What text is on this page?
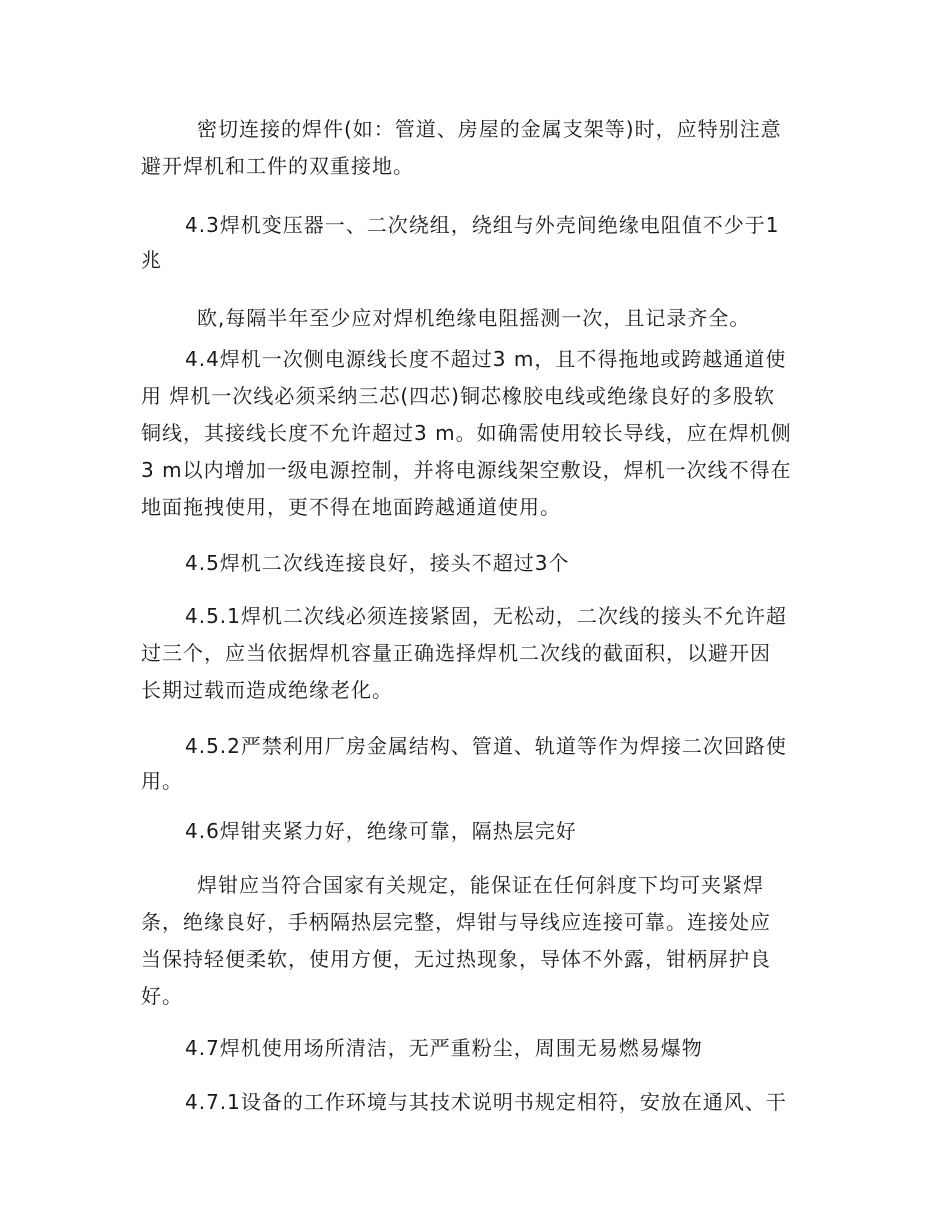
密切连接的焊件(如：管道、房屋的金属支架等)时，应特别注意

避开焊机和工件的双重接地。

4.3焊机变压器一、二次绕组，绕组与外壳间绝缘电阻值不少于1

兆

欧,每隔半年至少应对焊机绝缘电阻摇测一次，且记录齐全。

4.4焊机一次侧电源线长度不超过3 m，且不得拖地或跨越通道使

用 焊机一次线必须采纳三芯(四芯)铜芯橡胶电线或绝缘良好的多股软

铜线，其接线长度不允许超过3 m。如确需使用较长导线，应在焊机侧

3 m以内增加一级电源控制，并将电源线架空敷设，焊机一次线不得在

地面拖拽使用，更不得在地面跨越通道使用。

4.5焊机二次线连接良好，接头不超过3个

4.5.1焊机二次线必须连接紧固，无松动，二次线的接头不允许超

过三个，应当依据焊机容量正确选择焊机二次线的截面积，以避开因

长期过载而造成绝缘老化。

4.5.2严禁利用厂房金属结构、管道、轨道等作为焊接二次回路使

用。

4.6焊钳夹紧力好，绝缘可靠，隔热层完好

焊钳应当符合国家有关规定，能保证在任何斜度下均可夹紧焊

条，绝缘良好，手柄隔热层完整，焊钳与导线应连接可靠。连接处应

当保持轻便柔软，使用方便，无过热现象，导体不外露，钳柄屏护良

好。

4.7焊机使用场所清洁，无严重粉尘，周围无易燃易爆物

4.7.1设备的工作环境与其技术说明书规定相符，安放在通风、干
